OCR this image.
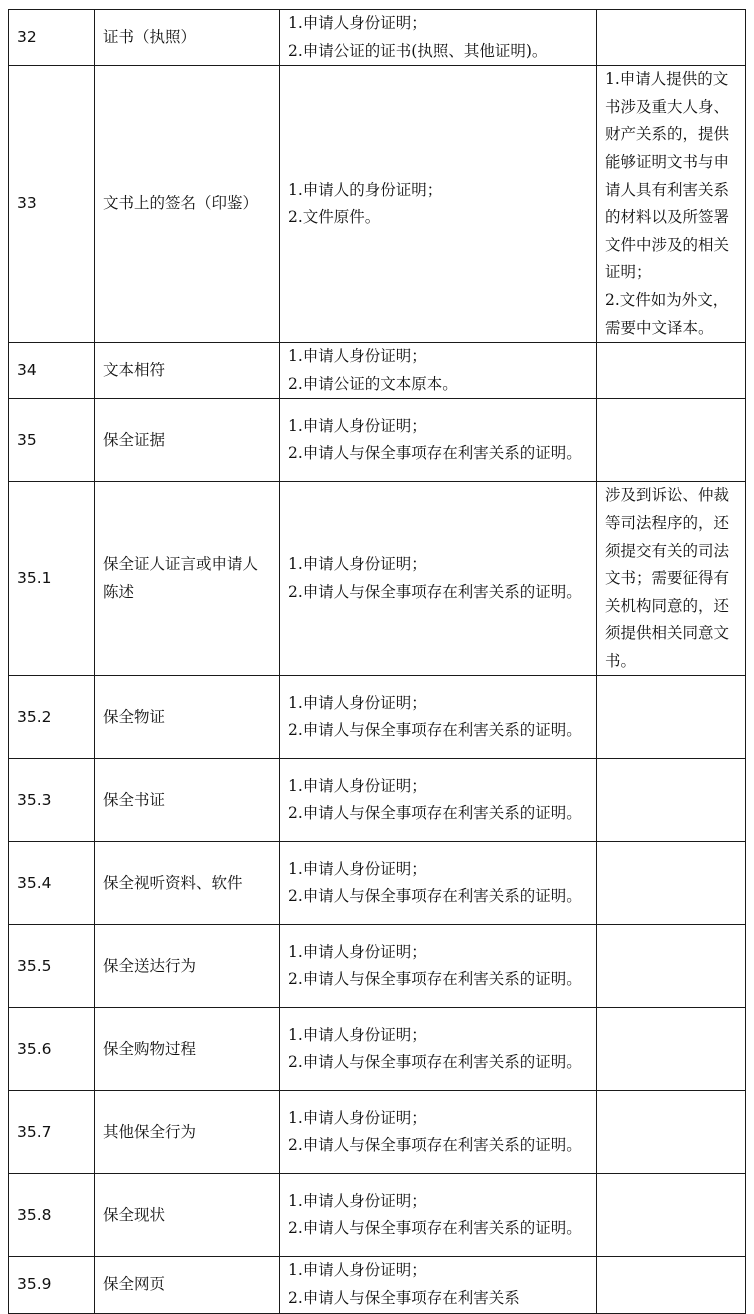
32	证书（执照）	1.申请人身份证明；
2.申请公证的证书(执照、其他证明)。	

33	文书上的签名（印鉴）	1.申请人的身份证明；
2.文件原件。	1.申请人提供的文书涉及重大人身、财产关系的，提供能够证明文书与申请人具有利害关系的材料以及所签署文件中涉及的相关证明；
2.文件如为外文，需要中文译本。

34	文本相符	1.申请人身份证明；
2.申请公证的文本原本。	

35	保全证据	1.申请人身份证明；
2.申请人与保全事项存在利害关系的证明。	

35.1	保全证人证言或申请人陈述	1.申请人身份证明；
2.申请人与保全事项存在利害关系的证明。	涉及到诉讼、仲裁等司法程序的，还须提交有关的司法文书；需要征得有关机构同意的，还须提供相关同意文书。

35.2	保全物证	1.申请人身份证明；
2.申请人与保全事项存在利害关系的证明。	

35.3	保全书证	1.申请人身份证明；
2.申请人与保全事项存在利害关系的证明。	

35.4	保全视听资料、软件	1.申请人身份证明；
2.申请人与保全事项存在利害关系的证明。	

35.5	保全送达行为	1.申请人身份证明；
2.申请人与保全事项存在利害关系的证明。	

35.6	保全购物过程	1.申请人身份证明；
2.申请人与保全事项存在利害关系的证明。	

35.7	其他保全行为	1.申请人身份证明；
2.申请人与保全事项存在利害关系的证明。	

35.8	保全现状	1.申请人身份证明；
2.申请人与保全事项存在利害关系的证明。	

35.9	保全网页	1.申请人身份证明；
2.申请人与保全事项存在利害关系	
